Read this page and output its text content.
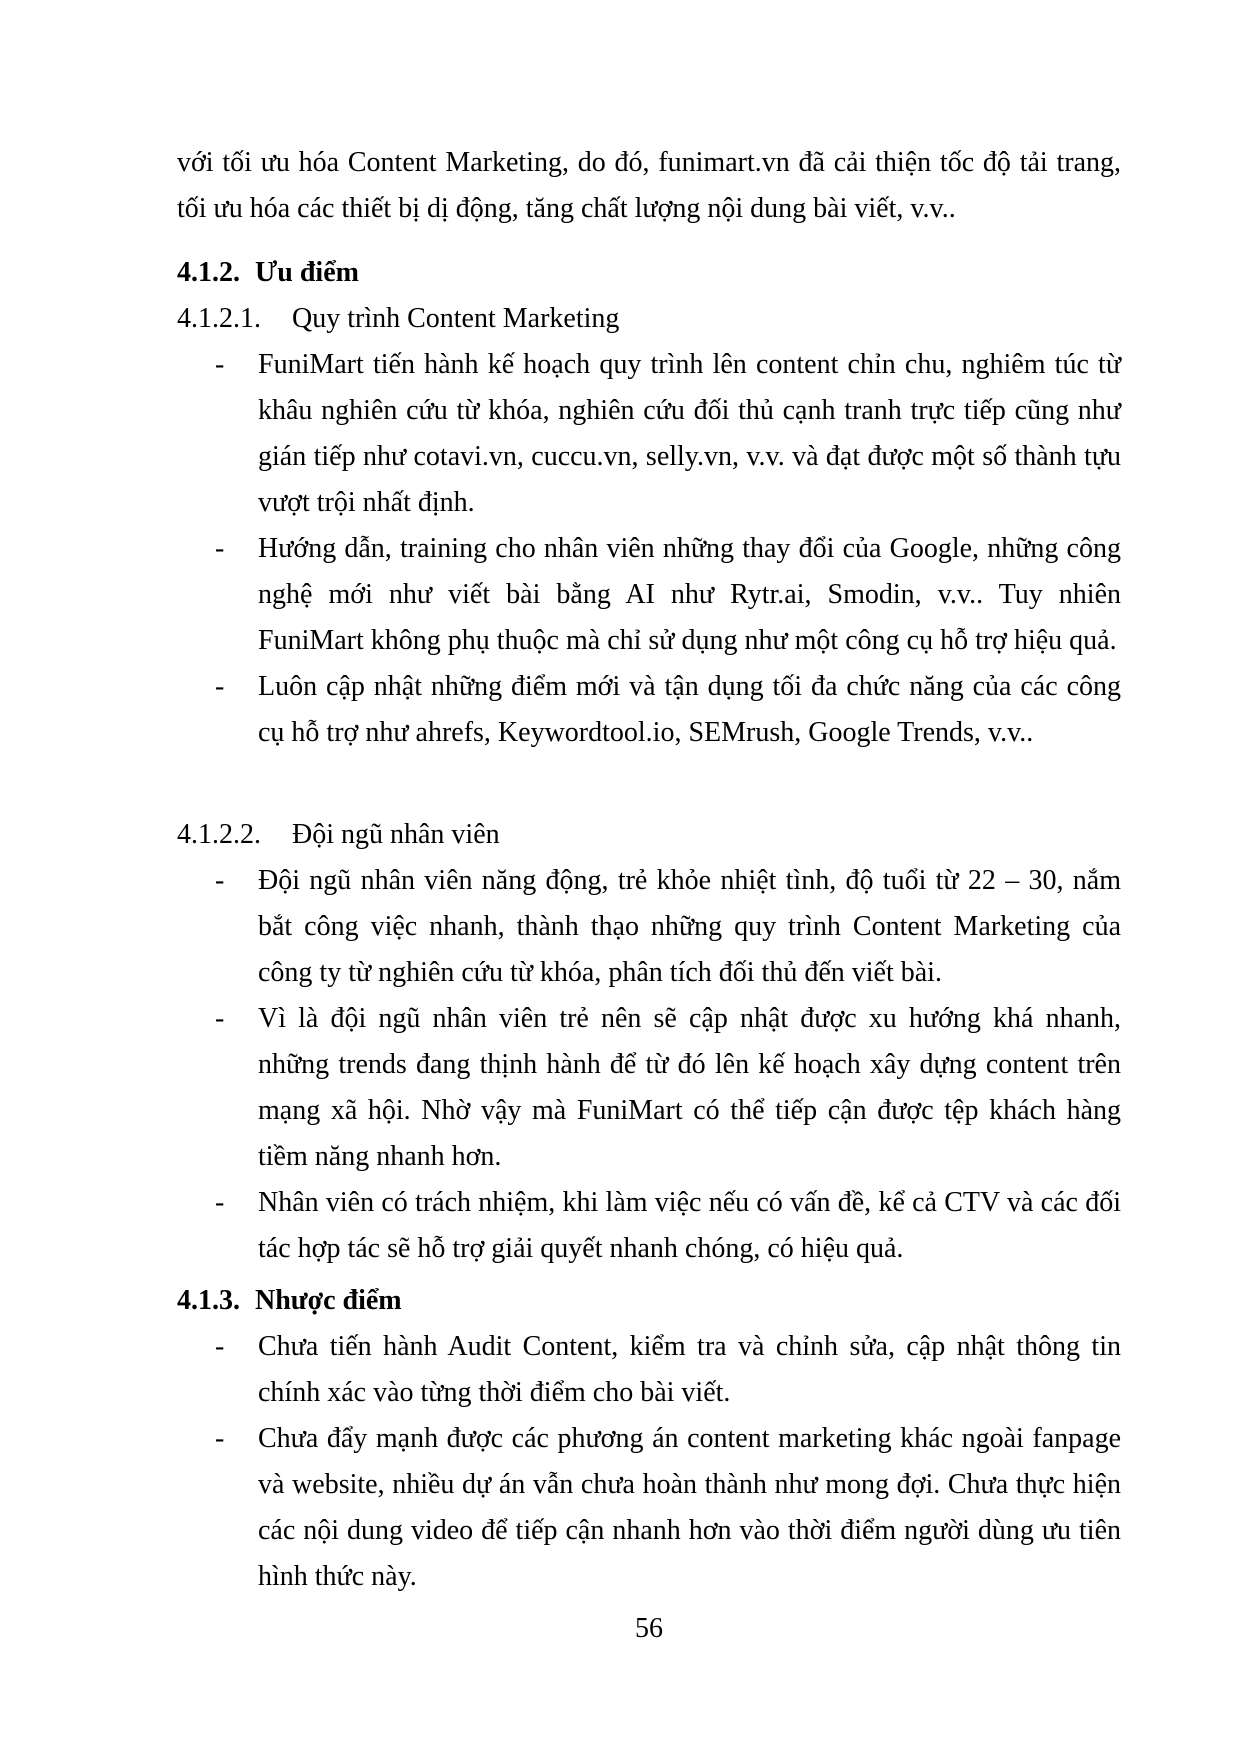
với tối ưu hóa Content Marketing, do đó, funimart.vn đã cải thiện tốc độ tải trang, tối ưu hóa các thiết bị dị động, tăng chất lượng nội dung bài viết, v.v..

4.1.2. Ưu điểm
4.1.2.1. Quy trình Content Marketing
- FuniMart tiến hành kế hoạch quy trình lên content chỉn chu, nghiêm túc từ khâu nghiên cứu từ khóa, nghiên cứu đối thủ cạnh tranh trực tiếp cũng như gián tiếp như cotavi.vn, cuccu.vn, selly.vn, v.v. và đạt được một số thành tựu vượt trội nhất định.
- Hướng dẫn, training cho nhân viên những thay đổi của Google, những công nghệ mới như viết bài bằng AI như Rytr.ai, Smodin, v.v.. Tuy nhiên FuniMart không phụ thuộc mà chỉ sử dụng như một công cụ hỗ trợ hiệu quả.
- Luôn cập nhật những điểm mới và tận dụng tối đa chức năng của các công cụ hỗ trợ như ahrefs, Keywordtool.io, SEMrush, Google Trends, v.v..
4.1.2.2. Đội ngũ nhân viên
- Đội ngũ nhân viên năng động, trẻ khỏe nhiệt tình, độ tuổi từ 22 – 30, nắm bắt công việc nhanh, thành thạo những quy trình Content Marketing của công ty từ nghiên cứu từ khóa, phân tích đối thủ đến viết bài.
- Vì là đội ngũ nhân viên trẻ nên sẽ cập nhật được xu hướng khá nhanh, những trends đang thịnh hành để từ đó lên kế hoạch xây dựng content trên mạng xã hội. Nhờ vậy mà FuniMart có thể tiếp cận được tệp khách hàng tiềm năng nhanh hơn.
- Nhân viên có trách nhiệm, khi làm việc nếu có vấn đề, kể cả CTV và các đối tác hợp tác sẽ hỗ trợ giải quyết nhanh chóng, có hiệu quả.
4.1.3. Nhược điểm
- Chưa tiến hành Audit Content, kiểm tra và chỉnh sửa, cập nhật thông tin chính xác vào từng thời điểm cho bài viết.
- Chưa đẩy mạnh được các phương án content marketing khác ngoài fanpage và website, nhiều dự án vẫn chưa hoàn thành như mong đợi. Chưa thực hiện các nội dung video để tiếp cận nhanh hơn vào thời điểm người dùng ưu tiên hình thức này.
56
